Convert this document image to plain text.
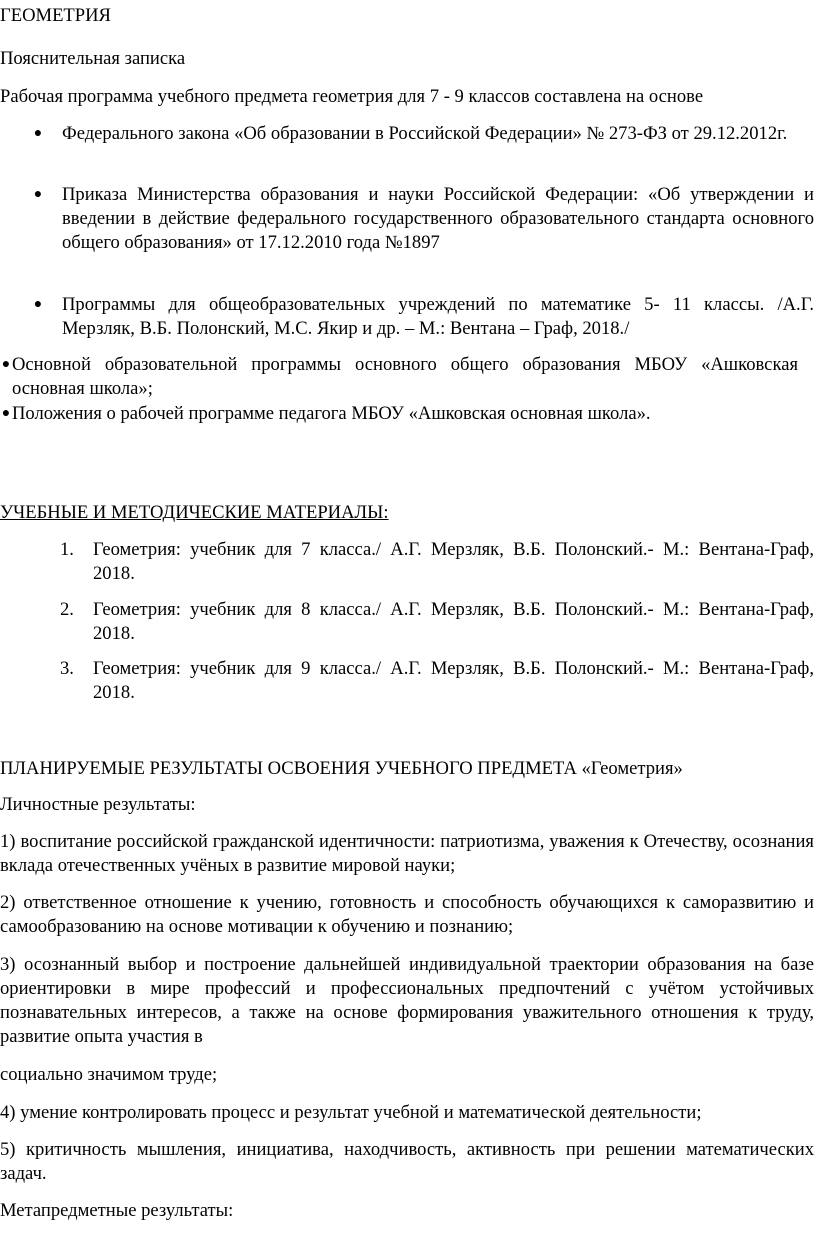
ГЕОМЕТРИЯ

Пояснительная записка

Рабочая программа учебного предмета геометрия для 7 - 9 классов составлена на основе

●	Федерального закона «Об образовании в Российской Федерации» № 273-ФЗ от 29.12.2012г.

●	Приказа Министерства образования и науки Российской Федерации: «Об утверждении и введении в действие федерального государственного образовательного стандарта основного общего образования» от 17.12.2010 года №1897

●	Программы для общеобразовательных учреждений по математике 5- 11 классы. /А.Г. Мерзляк, В.Б. Полонский, М.С. Якир и др. – М.: Вентана – Граф, 2018./

● Основной образовательной программы основного общего образования МБОУ «Ашковская основная школа»;

● Положения о рабочей программе педагога МБОУ «Ашковская основная школа».

УЧЕБНЫЕ И МЕТОДИЧЕСКИЕ МАТЕРИАЛЫ:

1.	Геометрия: учебник для 7 класса./ А.Г. Мерзляк, В.Б. Полонский.- М.: Вентана-Граф, 2018.

2.	Геометрия: учебник для 8 класса./ А.Г. Мерзляк, В.Б. Полонский.- М.: Вентана-Граф, 2018.

ПЛАНИРУЕМЫЕ РЕЗУЛЬТАТЫ ОСВОЕНИЯ УЧЕБНОГО ПРЕДМЕТА «Геометрия»

3.	Геометрия: учебник для 9 класса./ А.Г. Мерзляк, В.Б. Полонский.- М.: Вентана-Граф, 2018.

Личностные результаты:

1) воспитание российской гражданской идентичности: патриотизма, уважения к Отечеству, осознания вклада отечественных учёных в развитие мировой науки;

2) ответственное отношение к учению, готовность и способность обучающихся к саморазвитию и самообразованию на основе мотивации к обучению и познанию;

3) осознанный выбор и построение дальнейшей индивидуальной траектории образования на базе ориентировки в мире профессий и профессиональных предпочтений с учётом устойчивых познавательных интересов, а также на основе формирования уважительного отношения к труду, развитие опыта участия в

социально значимом труде;

4) умение контролировать процесс и результат учебной и математической деятельности;

5) критичность мышления, инициатива, находчивость, активность при решении математических задач.

Метапредметные результаты:
